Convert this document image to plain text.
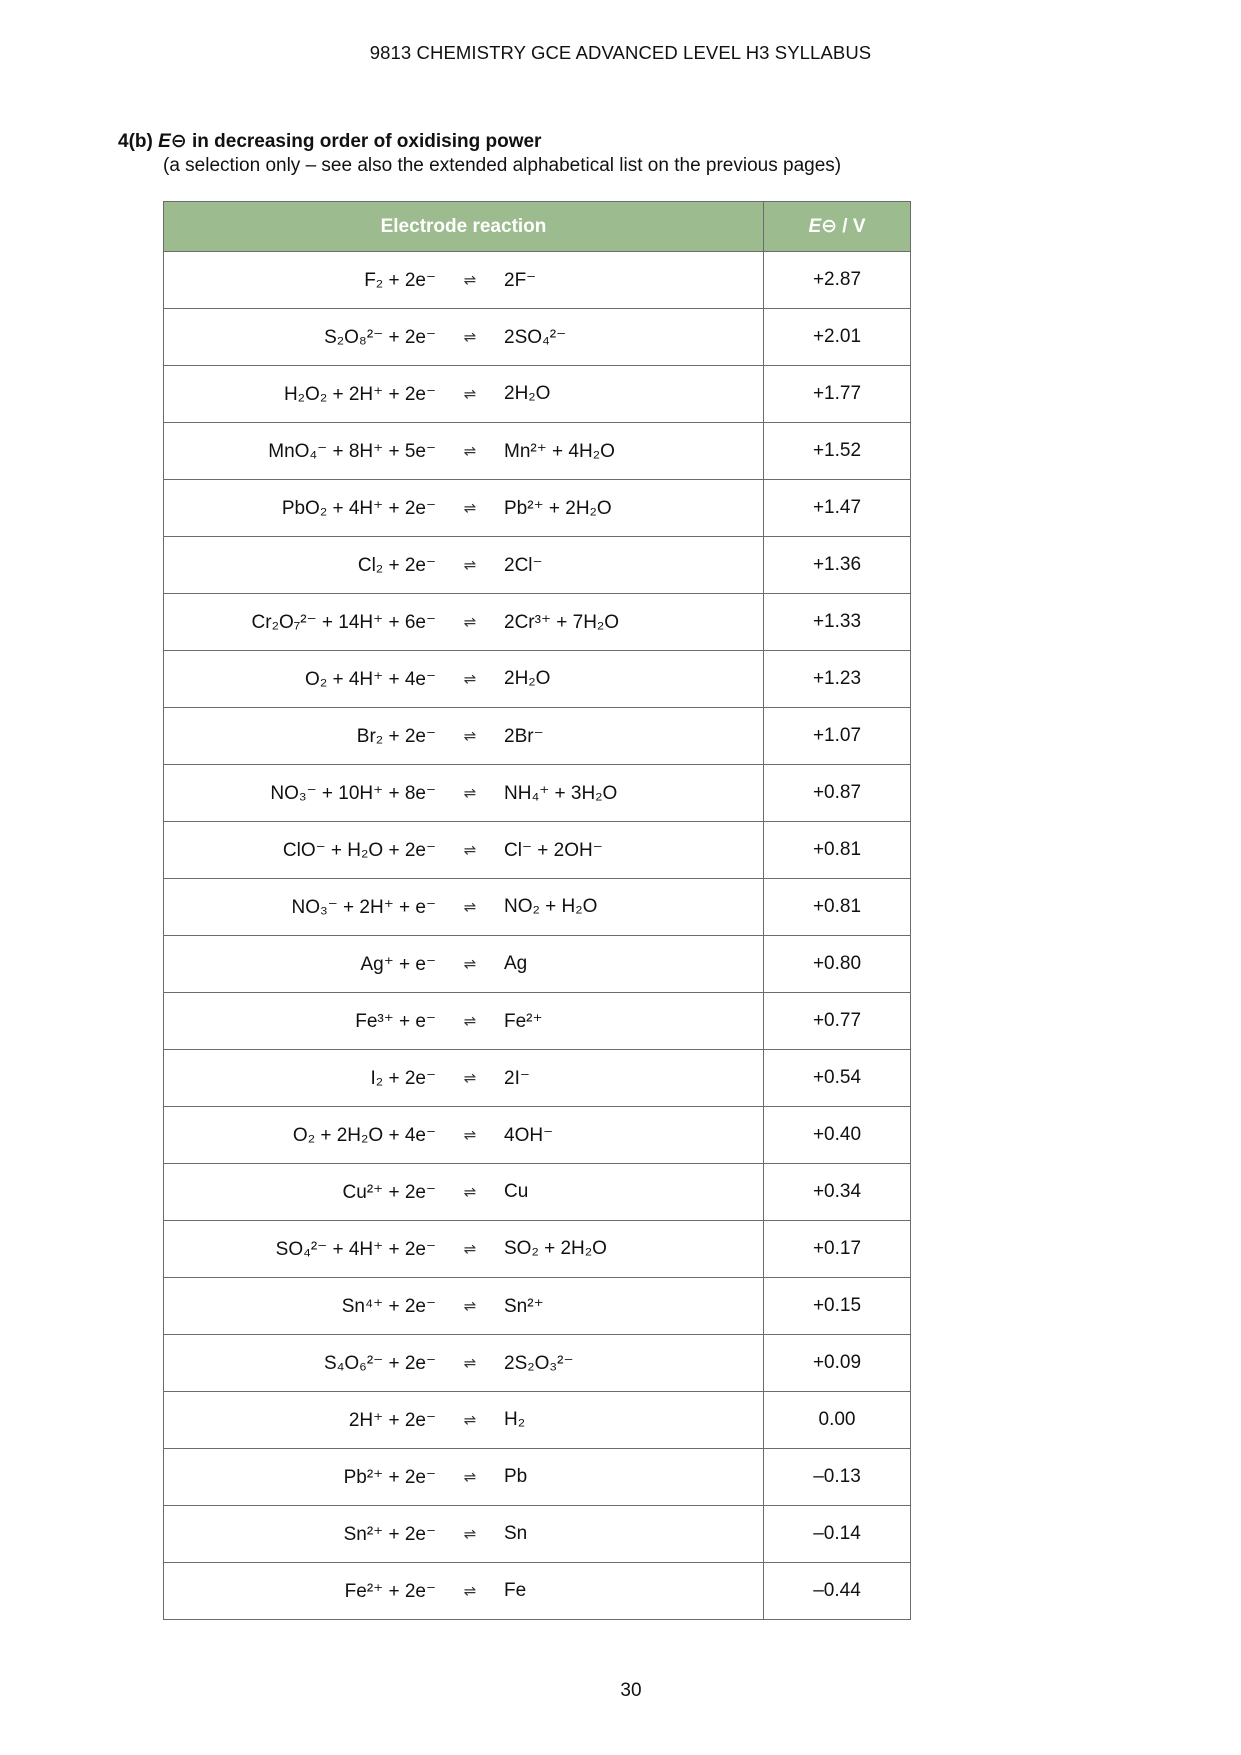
9813 CHEMISTRY GCE ADVANCED LEVEL H3 SYLLABUS
4(b) E⊖ in decreasing order of oxidising power
(a selection only – see also the extended alphabetical list on the previous pages)
Electrode reaction	E⊖ / V

F₂ + 2e⁻ ⇌ 2F⁻	+2.87

S₂O₈²⁻ + 2e⁻ ⇌ 2SO₄²⁻	+2.01

H₂O₂ + 2H⁺ + 2e⁻ ⇌ 2H₂O	+1.77

MnO₄⁻ + 8H⁺ + 5e⁻ ⇌ Mn²⁺ + 4H₂O	+1.52

PbO₂ + 4H⁺ + 2e⁻ ⇌ Pb²⁺ + 2H₂O	+1.47

Cl₂ + 2e⁻ ⇌ 2Cl⁻	+1.36

Cr₂O₇²⁻ + 14H⁺ + 6e⁻ ⇌ 2Cr³⁺ + 7H₂O	+1.33

O₂ + 4H⁺ + 4e⁻ ⇌ 2H₂O	+1.23

Br₂ + 2e⁻ ⇌ 2Br⁻	+1.07

NO₃⁻ + 10H⁺ + 8e⁻ ⇌ NH₄⁺ + 3H₂O	+0.87

ClO⁻ + H₂O + 2e⁻ ⇌ Cl⁻ + 2OH⁻	+0.81

NO₃⁻ + 2H⁺ + e⁻ ⇌ NO₂ + H₂O	+0.81

Ag⁺ + e⁻ ⇌ Ag	+0.80

Fe³⁺ + e⁻ ⇌ Fe²⁺	+0.77

I₂ + 2e⁻ ⇌ 2I⁻	+0.54

O₂ + 2H₂O + 4e⁻ ⇌ 4OH⁻	+0.40

Cu²⁺ + 2e⁻ ⇌ Cu	+0.34

SO₄²⁻ + 4H⁺ + 2e⁻ ⇌ SO₂ + 2H₂O	+0.17

Sn⁴⁺ + 2e⁻ ⇌ Sn²⁺	+0.15

S₄O₆²⁻ + 2e⁻ ⇌ 2S₂O₃²⁻	+0.09

2H⁺ + 2e⁻ ⇌ H₂	0.00

Pb²⁺ + 2e⁻ ⇌ Pb	–0.13

Sn²⁺ + 2e⁻ ⇌ Sn	–0.14

Fe²⁺ + 2e⁻ ⇌ Fe	–0.44
30
